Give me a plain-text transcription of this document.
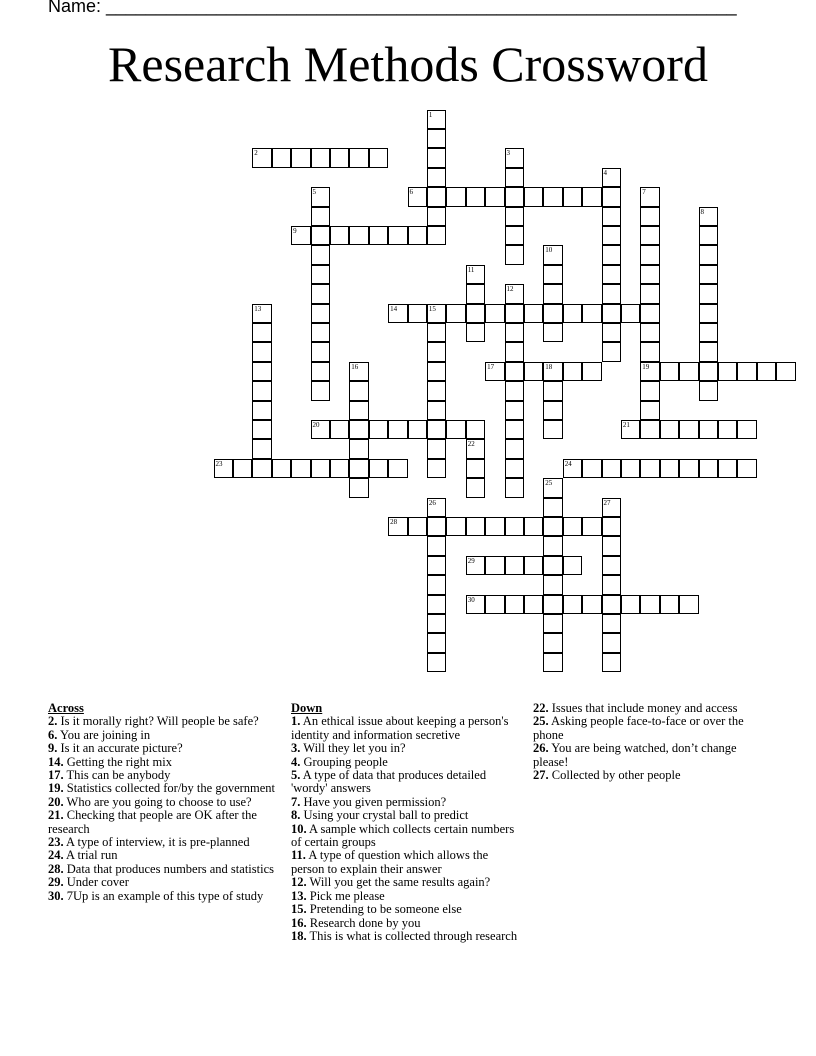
Name: _______________________________________________________________
Research Methods Crossword
2
6
9
14
17	19
20	21
23	24
28
29
30
1
3
4
5	7
8
10
11
12
13	15
16	18
22
25
26	27
Across
2. Is it morally right? Will people be safe?
6. You are joining in
9. Is it an accurate picture?
14. Getting the right mix
17. This can be anybody
19. Statistics collected for/by the government
20. Who are you going to choose to use?
21. Checking that people are OK after the research
23. A type of interview, it is pre-planned
24. A trial run
28. Data that produces numbers and statistics
29. Under cover
30. 7Up is an example of this type of study
Down
1. An ethical issue about keeping a person's identity and information secretive
3. Will they let you in?
4. Grouping people
5. A type of data that produces detailed 'wordy' answers
7. Have you given permission?
8. Using your crystal ball to predict
10. A sample which collects certain numbers of certain groups
11. A type of question which allows the person to explain their answer
12. Will you get the same results again?
13. Pick me please
15. Pretending to be someone else
16. Research done by you
18. This is what is collected through research
22. Issues that include money and access
25. Asking people face-to-face or over the phone
26. You are being watched, don’t change please!
27. Collected by other people
